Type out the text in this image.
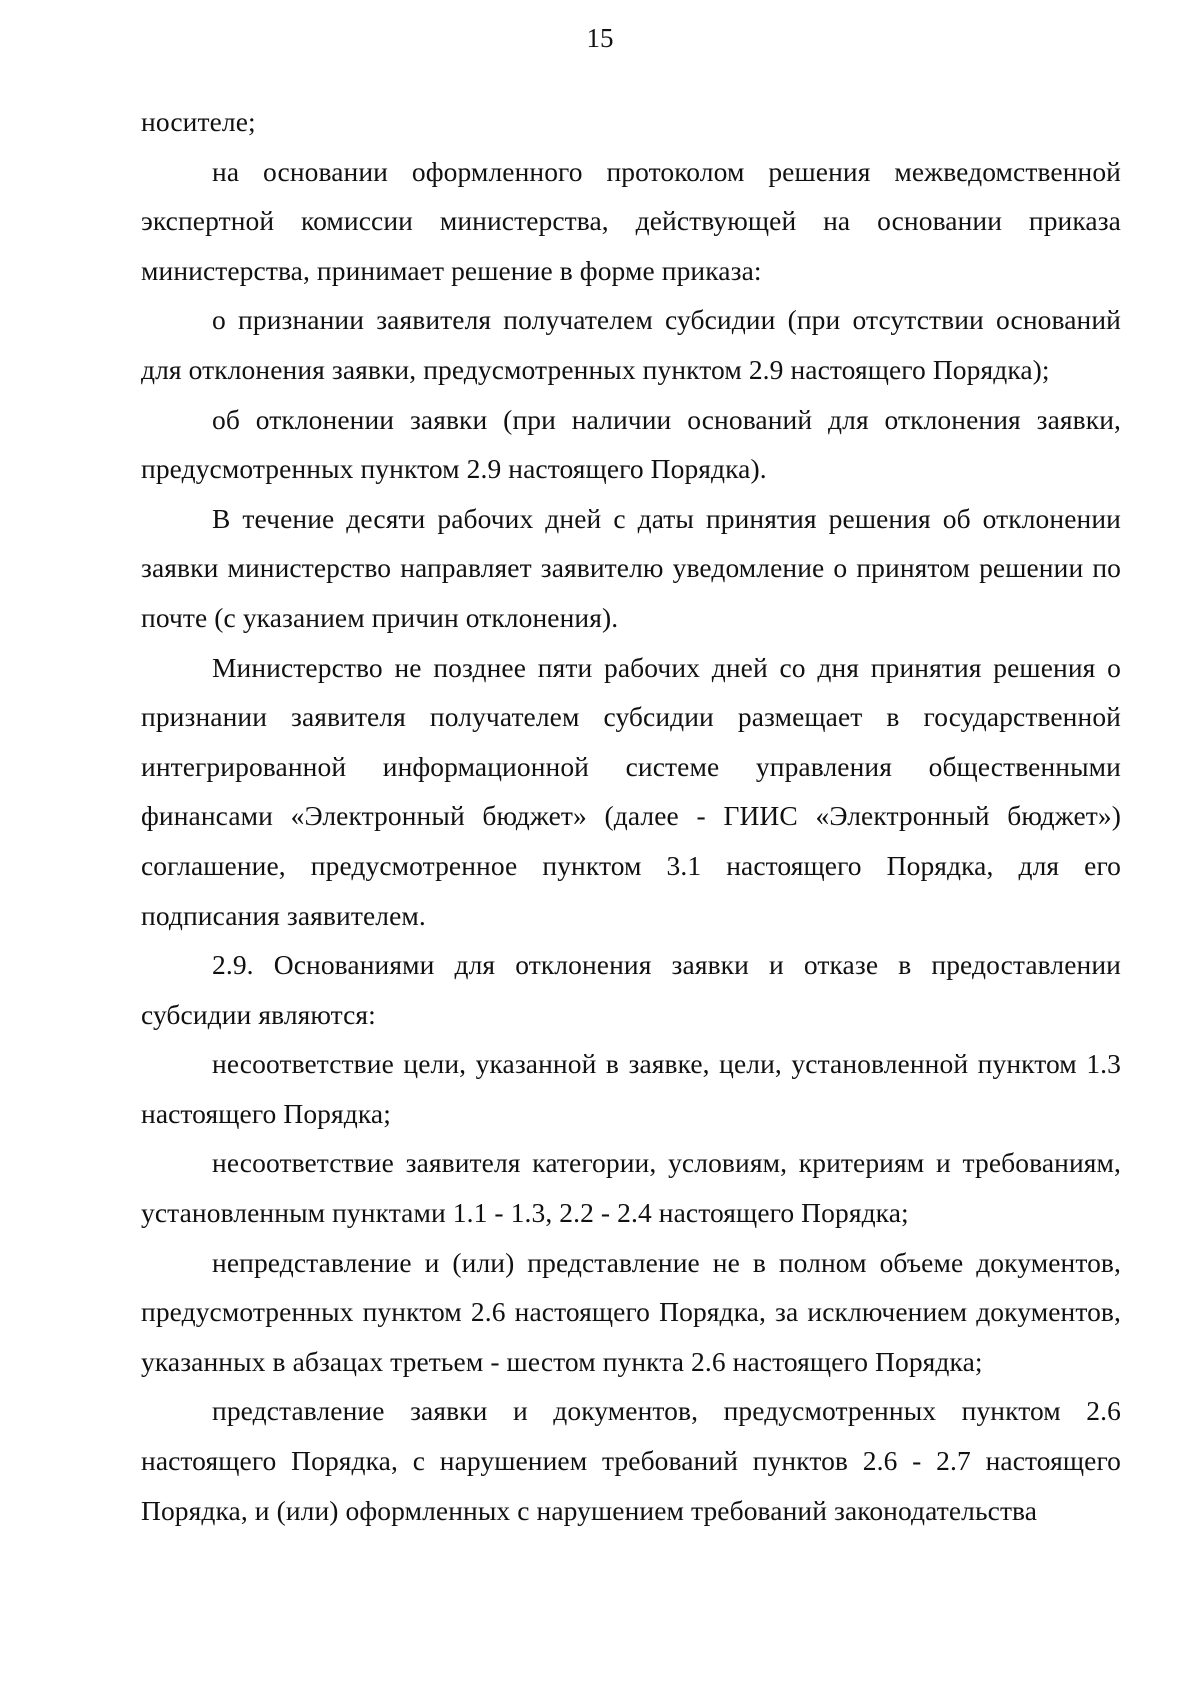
15

носителе;

на основании оформленного протоколом решения межведомственной экспертной комиссии министерства, действующей на основании приказа министерства, принимает решение в форме приказа:

о признании заявителя получателем субсидии (при отсутствии оснований для отклонения заявки, предусмотренных пунктом 2.9 настоящего Порядка);

об отклонении заявки (при наличии оснований для отклонения заявки, предусмотренных пунктом 2.9 настоящего Порядка).

В течение десяти рабочих дней с даты принятия решения об отклонении заявки министерство направляет заявителю уведомление о принятом решении по почте (с указанием причин отклонения).

Министерство не позднее пяти рабочих дней со дня принятия решения о признании заявителя получателем субсидии размещает в государственной интегрированной информационной системе управления общественными финансами «Электронный бюджет» (далее - ГИИС «Электронный бюджет») соглашение, предусмотренное пунктом 3.1 настоящего Порядка, для его подписания заявителем.

2.9. Основаниями для отклонения заявки и отказе в предоставлении субсидии являются:

несоответствие цели, указанной в заявке, цели, установленной пунктом 1.3 настоящего Порядка;

несоответствие заявителя категории, условиям, критериям и требованиям, установленным пунктами 1.1 - 1.3, 2.2 - 2.4 настоящего Порядка;

непредставление и (или) представление не в полном объеме документов, предусмотренных пунктом 2.6 настоящего Порядка, за исключением документов, указанных в абзацах третьем - шестом пункта 2.6 настоящего Порядка;

представление заявки и документов, предусмотренных пунктом 2.6 настоящего Порядка, с нарушением требований пунктов 2.6 - 2.7 настоящего Порядка, и (или) оформленных с нарушением требований законодательства
